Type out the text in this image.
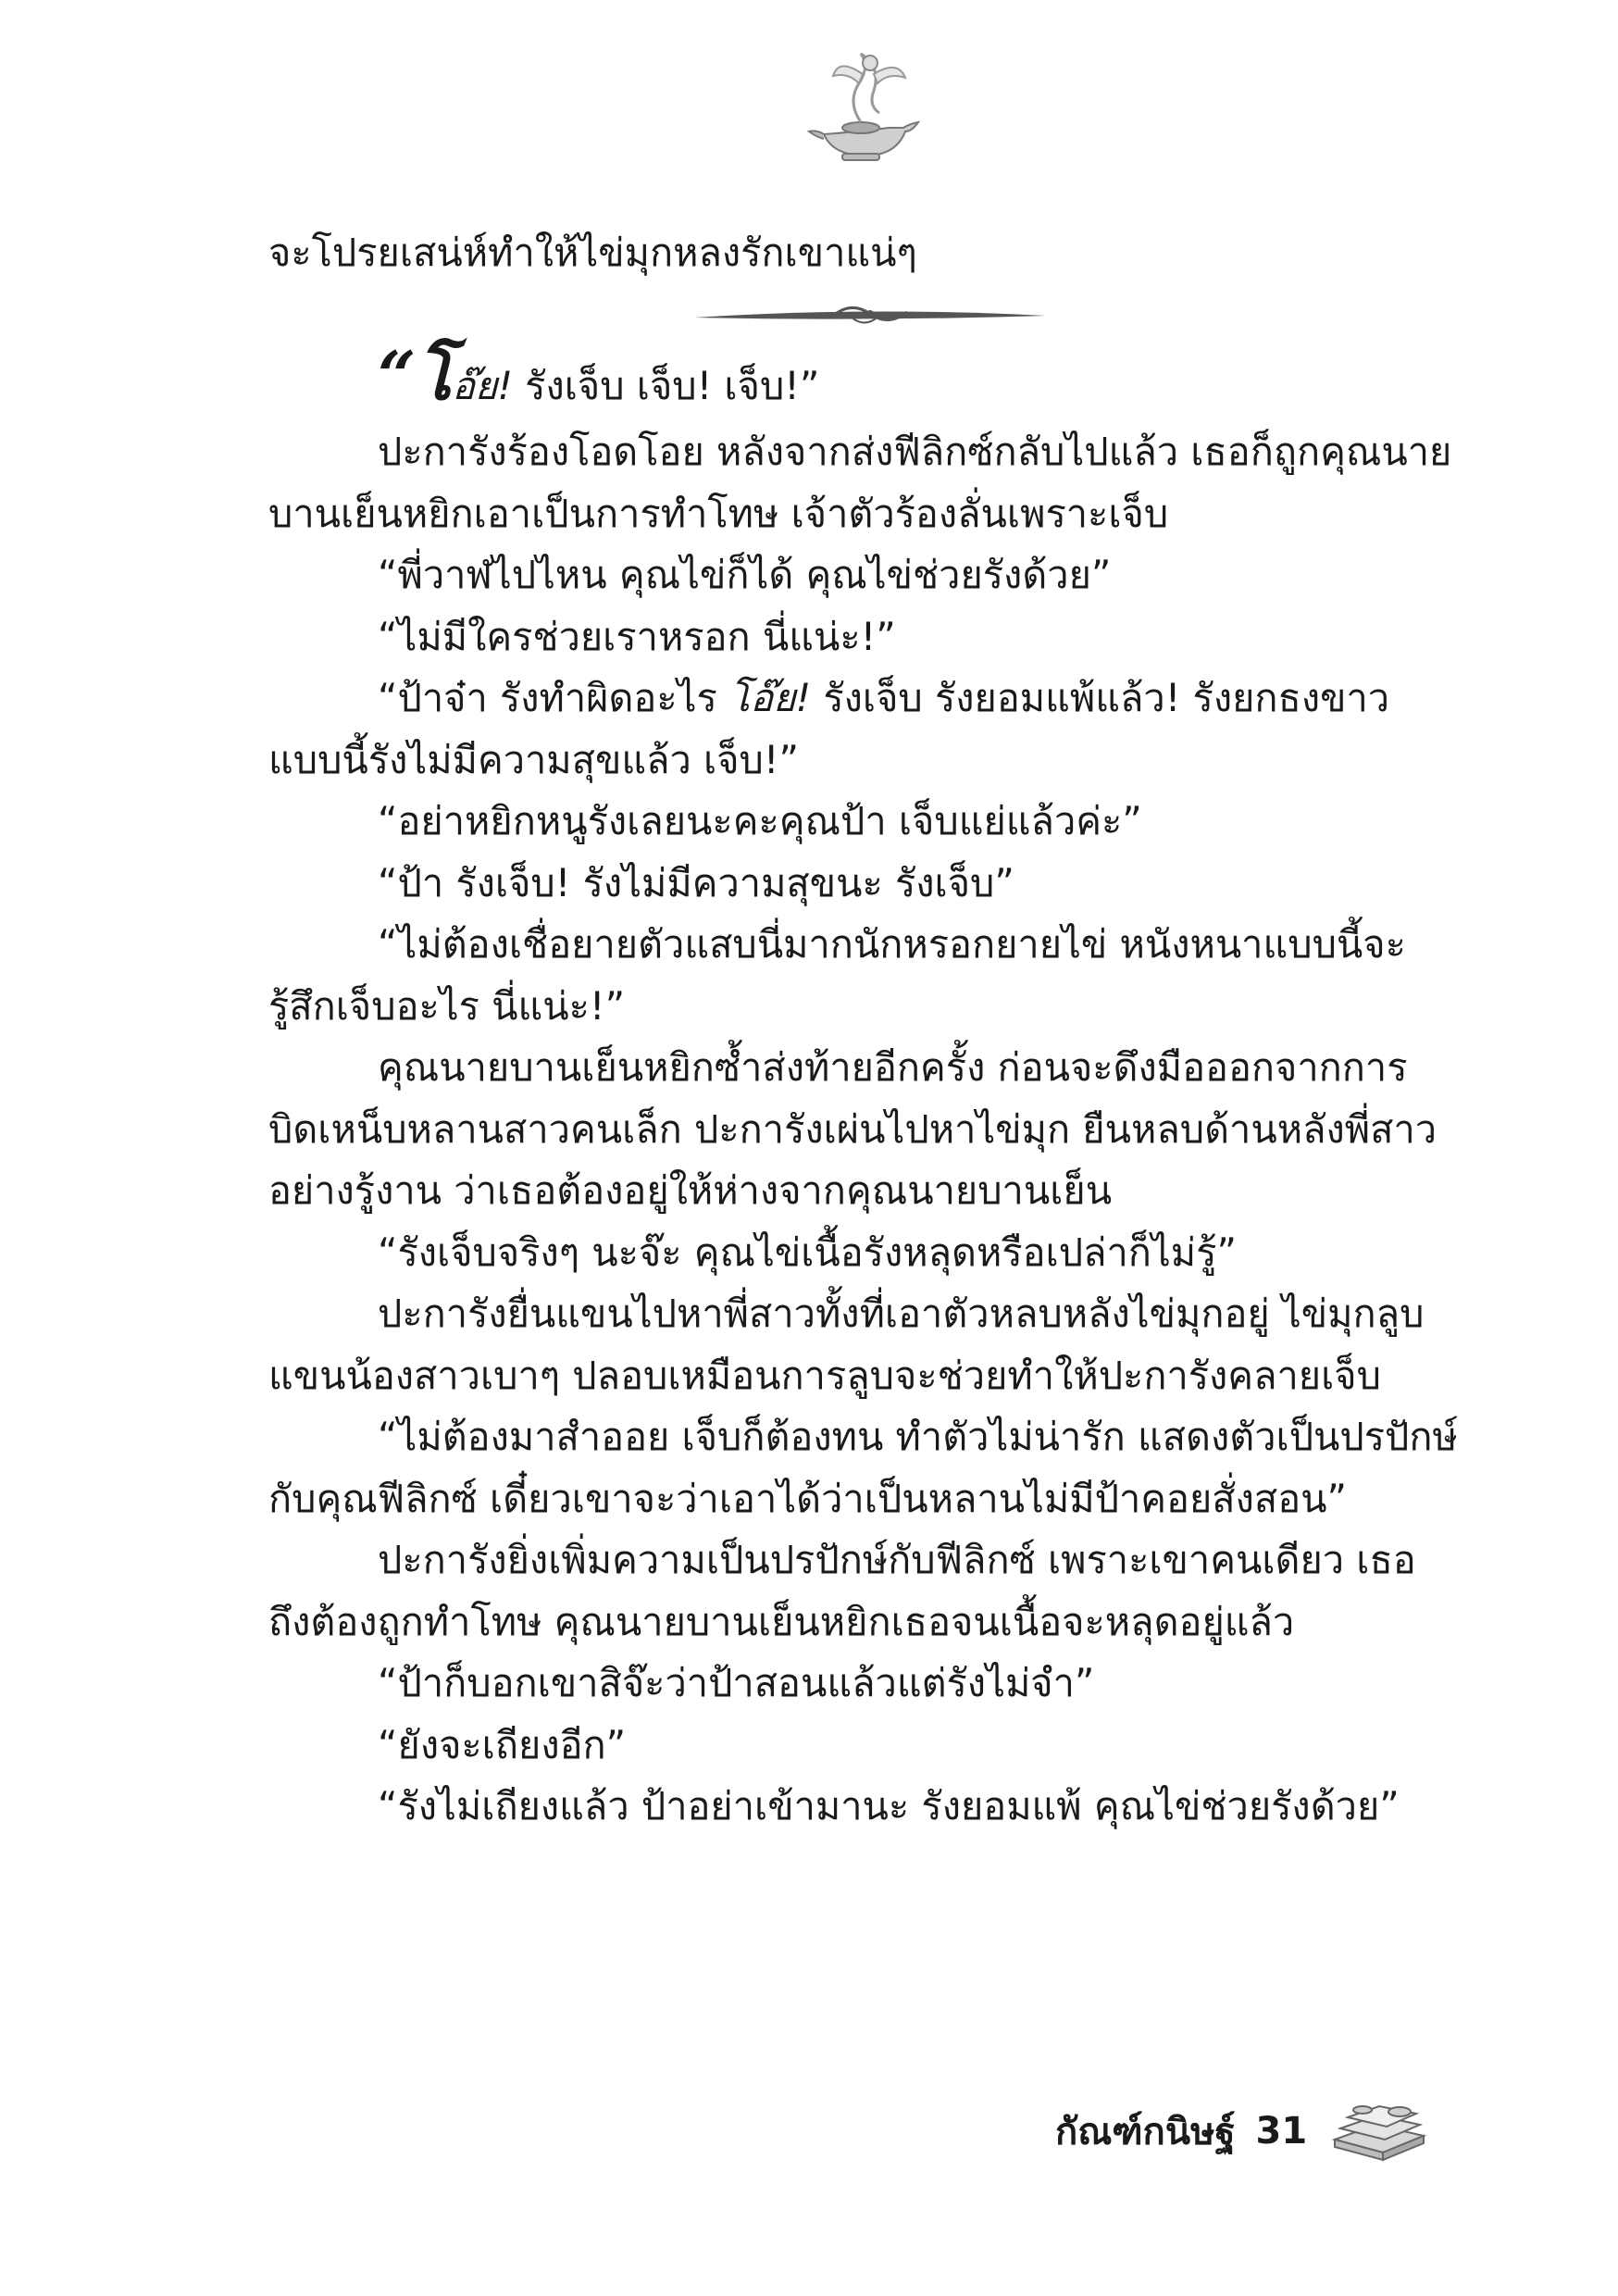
จะโปรยเสน่ห์ทำให้ไข่มุกหลงรักเขาแน่ๆ
“โอ๊ย! รังเจ็บ เจ็บ! เจ็บ!”
ปะการังร้องโอดโอย หลังจากส่งฟีลิกซ์กลับไปแล้ว เธอก็ถูกคุณนาย
บานเย็นหยิกเอาเป็นการทำโทษ เจ้าตัวร้องลั่นเพราะเจ็บ
“พี่วาฬไปไหน คุณไข่ก็ได้ คุณไข่ช่วยรังด้วย”
“ไม่มีใครช่วยเราหรอก นี่แน่ะ!”
“ป้าจ๋า รังทำผิดอะไร โอ๊ย! รังเจ็บ รังยอมแพ้แล้ว! รังยกธงขาว
แบบนี้รังไม่มีความสุขแล้ว เจ็บ!”
“อย่าหยิกหนูรังเลยนะคะคุณป้า เจ็บแย่แล้วค่ะ”
“ป้า รังเจ็บ! รังไม่มีความสุขนะ รังเจ็บ”
“ไม่ต้องเชื่อยายตัวแสบนี่มากนักหรอกยายไข่ หนังหนาแบบนี้จะ
รู้สึกเจ็บอะไร นี่แน่ะ!”
คุณนายบานเย็นหยิกซ้ำส่งท้ายอีกครั้ง ก่อนจะดึงมือออกจากการ
บิดเหน็บหลานสาวคนเล็ก ปะการังเผ่นไปหาไข่มุก ยืนหลบด้านหลังพี่สาว
อย่างรู้งาน ว่าเธอต้องอยู่ให้ห่างจากคุณนายบานเย็น
“รังเจ็บจริงๆ นะจ๊ะ คุณไข่เนื้อรังหลุดหรือเปล่าก็ไม่รู้”
ปะการังยื่นแขนไปหาพี่สาวทั้งที่เอาตัวหลบหลังไข่มุกอยู่ ไข่มุกลูบ
แขนน้องสาวเบาๆ ปลอบเหมือนการลูบจะช่วยทำให้ปะการังคลายเจ็บ
“ไม่ต้องมาสำออย เจ็บก็ต้องทน ทำตัวไม่น่ารัก แสดงตัวเป็นปรปักษ์
กับคุณฟีลิกซ์ เดี๋ยวเขาจะว่าเอาได้ว่าเป็นหลานไม่มีป้าคอยสั่งสอน”
ปะการังยิ่งเพิ่มความเป็นปรปักษ์กับฟีลิกซ์ เพราะเขาคนเดียว เธอ
ถึงต้องถูกทำโทษ คุณนายบานเย็นหยิกเธอจนเนื้อจะหลุดอยู่แล้ว
“ป้าก็บอกเขาสิจ๊ะว่าป้าสอนแล้วแต่รังไม่จำ”
“ยังจะเถียงอีก”
“รังไม่เถียงแล้ว ป้าอย่าเข้ามานะ รังยอมแพ้ คุณไข่ช่วยรังด้วย”
กัณฑ์กนิษฐ์ 31
